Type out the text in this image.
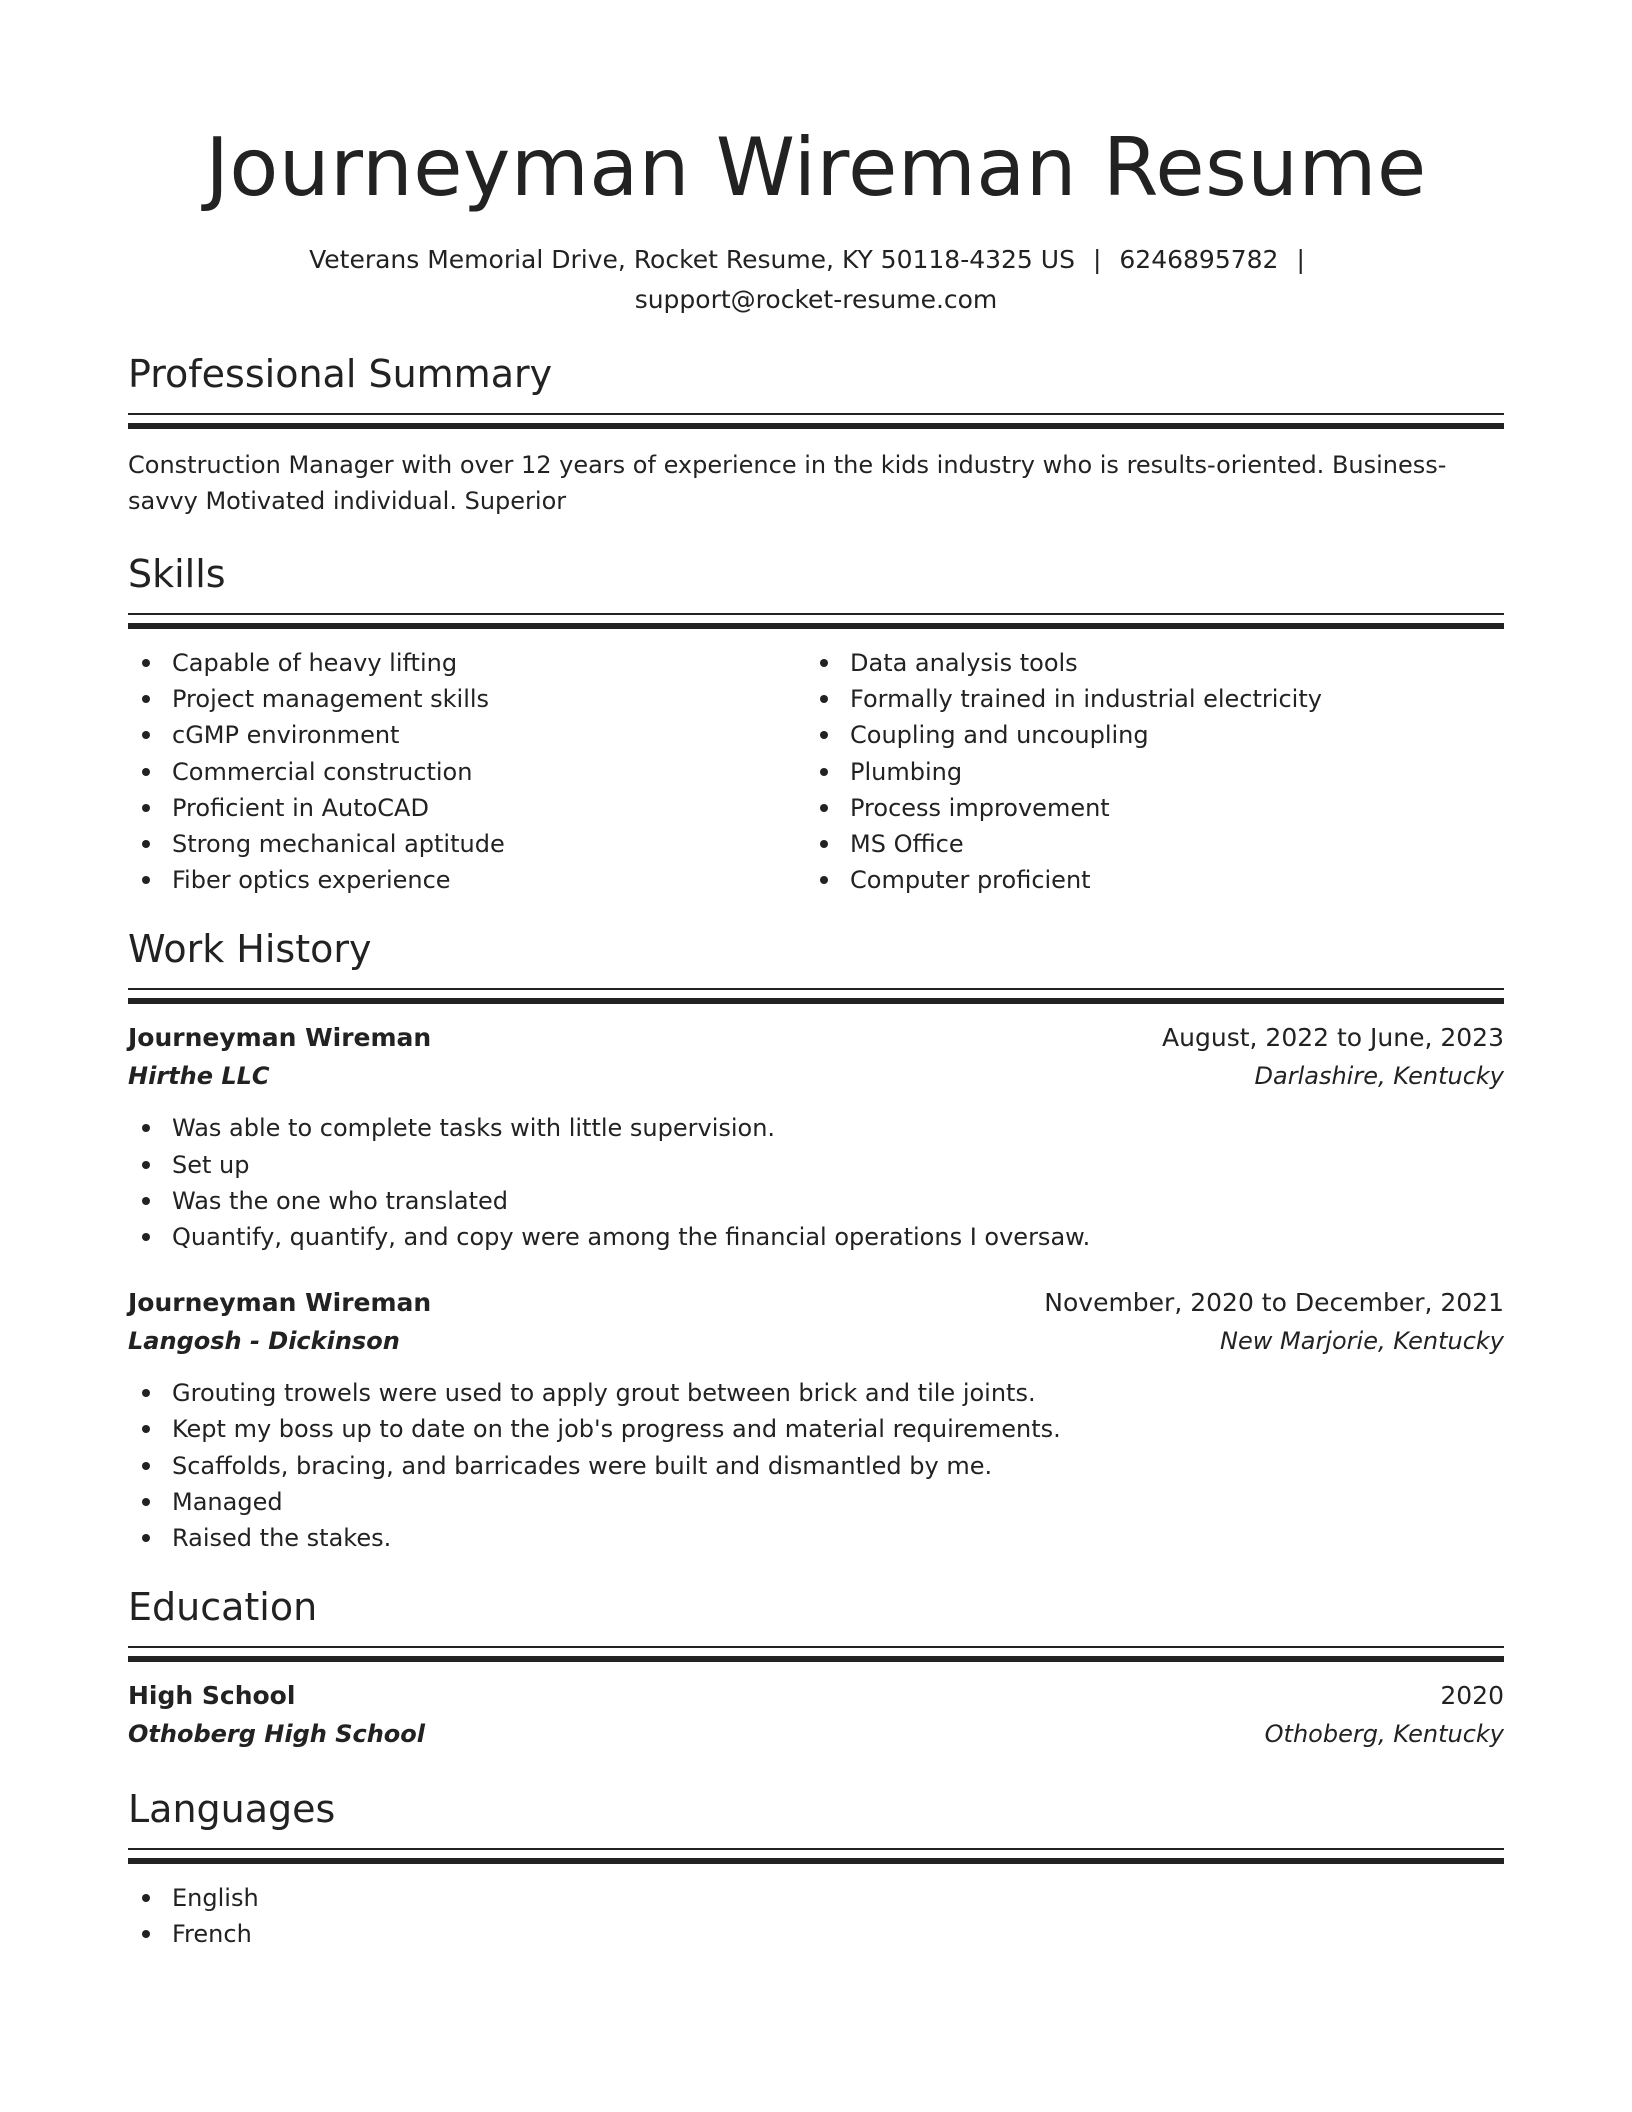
Journeyman Wireman Resume
Veterans Memorial Drive, Rocket Resume, KY 50118-4325 US | 6246895782 |
support@rocket-resume.com
Professional Summary
Construction Manager with over 12 years of experience in the kids industry who is results-oriented. Business-savvy Motivated individual. Superior
Skills
Capable of heavy lifting
Project management skills
cGMP environment
Commercial construction
Proficient in AutoCAD
Strong mechanical aptitude
Fiber optics experience
Data analysis tools
Formally trained in industrial electricity
Coupling and uncoupling
Plumbing
Process improvement
MS Office
Computer proficient
Work History
Journeyman Wireman	August, 2022 to June, 2023
Hirthe LLC	Darlashire, Kentucky
Was able to complete tasks with little supervision.
Set up
Was the one who translated
Quantify, quantify, and copy were among the financial operations I oversaw.
Journeyman Wireman	November, 2020 to December, 2021
Langosh - Dickinson	New Marjorie, Kentucky
Grouting trowels were used to apply grout between brick and tile joints.
Kept my boss up to date on the job's progress and material requirements.
Scaffolds, bracing, and barricades were built and dismantled by me.
Managed
Raised the stakes.
Education
High School	2020
Othoberg High School	Othoberg, Kentucky
Languages
English
French
